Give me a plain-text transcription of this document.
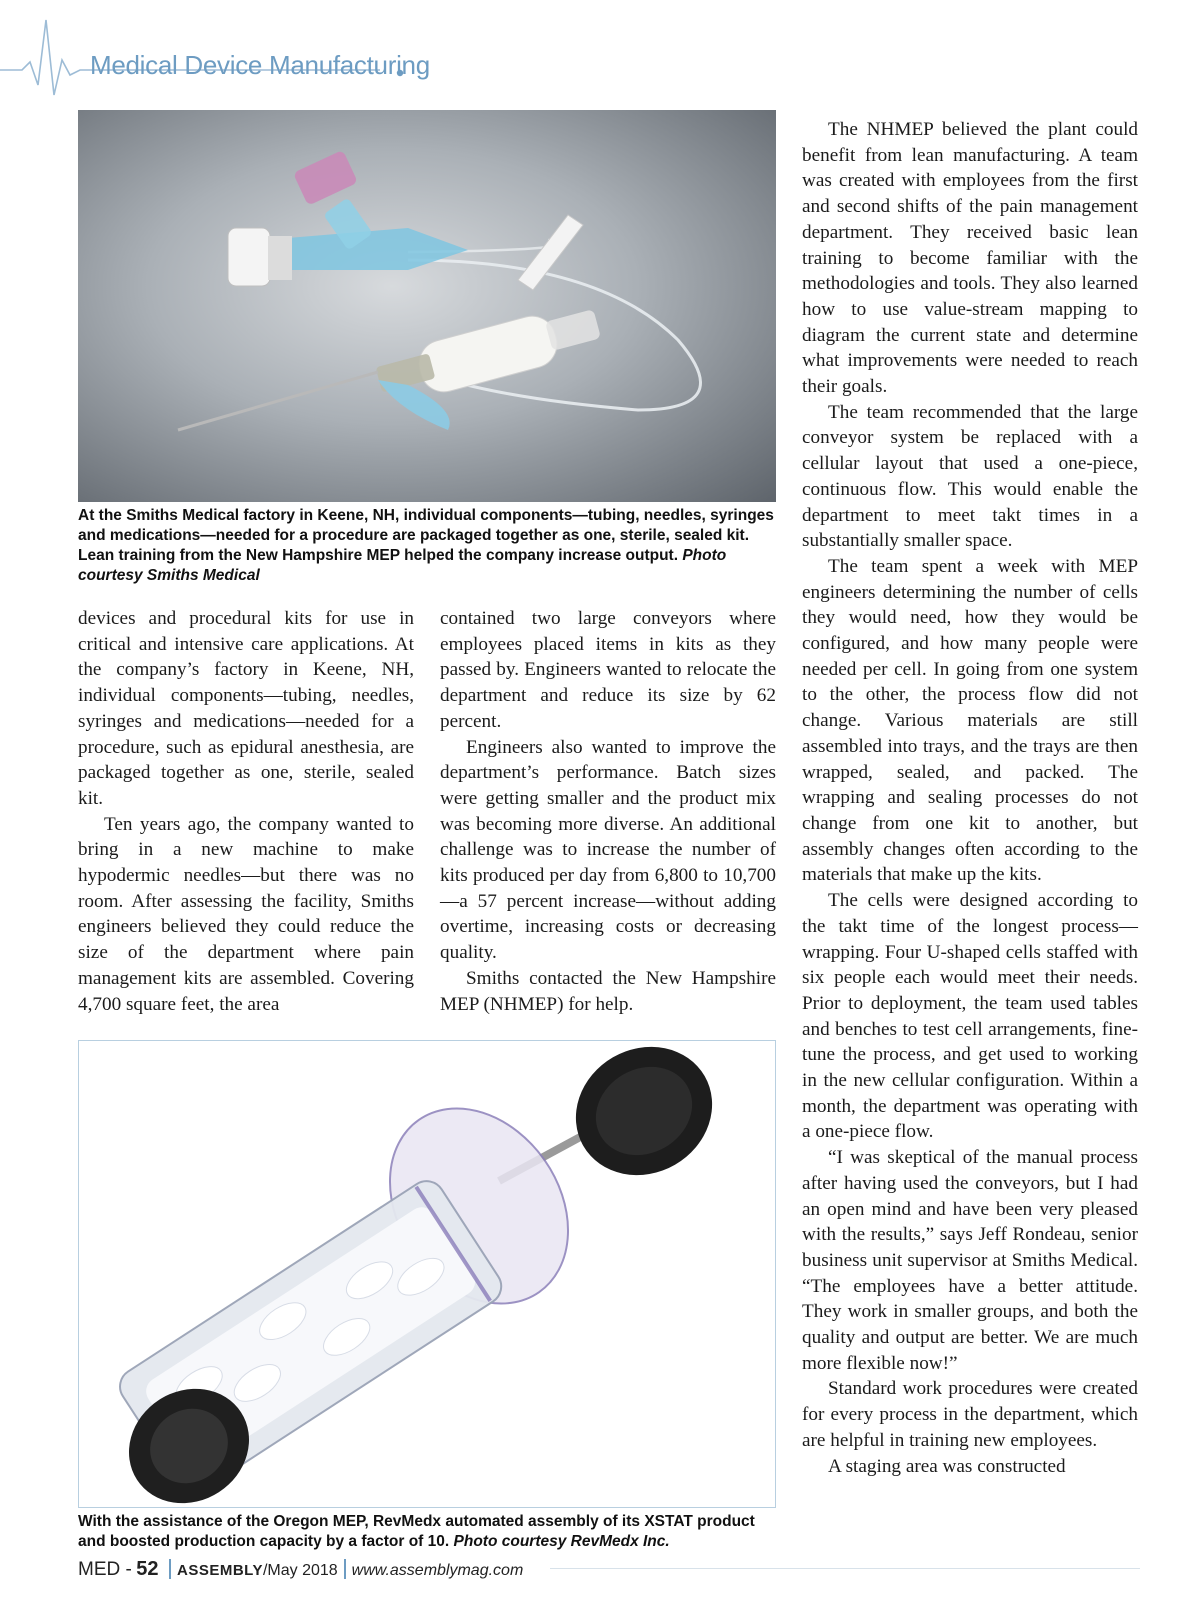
Medical Device Manufacturing
At the Smiths Medical factory in Keene, NH, individual components—tubing, needles, syringes and medications—needed for a procedure are packaged together as one, sterile, sealed kit. Lean training from the New Hampshire MEP helped the company increase output. Photo courtesy Smiths Medical

devices and procedural kits for use in critical and intensive care applications. At the company’s factory in Keene, NH, individual components—tubing, needles, syringes and medications—needed for a procedure, such as epidural anesthesia, are packaged together as one, sterile, sealed kit.

Ten years ago, the company wanted to bring in a new machine to make hypodermic needles—but there was no room. After assessing the facility, Smiths engineers believed they could reduce the size of the department where pain management kits are assembled. Covering 4,700 square feet, the area

contained two large conveyors where employees placed items in kits as they passed by. Engineers wanted to relocate the department and reduce its size by 62 percent.

Engineers also wanted to improve the department’s performance. Batch sizes were getting smaller and the product mix was becoming more diverse. An additional challenge was to increase the number of kits produced per day from 6,800 to 10,700—a 57 percent increase—without adding overtime, increasing costs or decreasing quality.

Smiths contacted the New Hampshire MEP (NHMEP) for help.

The NHMEP believed the plant could benefit from lean manufacturing. A team was created with employees from the first and second shifts of the pain management department. They received basic lean training to become familiar with the methodologies and tools. They also learned how to use value-stream mapping to diagram the current state and determine what improvements were needed to reach their goals.

The team recommended that the large conveyor system be replaced with a cellular layout that used a one-piece, continuous flow. This would enable the department to meet takt times in a substantially smaller space.

The team spent a week with MEP engineers determining the number of cells they would need, how they would be configured, and how many people were needed per cell. In going from one system to the other, the process flow did not change. Various materials are still assembled into trays, and the trays are then wrapped, sealed, and packed. The wrapping and sealing processes do not change from one kit to another, but assembly changes often according to the materials that make up the kits.

The cells were designed according to the takt time of the longest process—wrapping. Four U-shaped cells staffed with six people each would meet their needs. Prior to deployment, the team used tables and benches to test cell arrangements, fine-tune the process, and get used to working in the new cellular configuration. Within a month, the department was operating with a one-piece flow.

“I was skeptical of the manual process after having used the conveyors, but I had an open mind and have been very pleased with the results,” says Jeff Rondeau, senior business unit supervisor at Smiths Medical. “The employees have a better attitude. They work in smaller groups, and both the quality and output are better. We are much more flexible now!”

Standard work procedures were created for every process in the department, which are helpful in training new employees.

A staging area was constructed

With the assistance of the Oregon MEP, RevMedx automated assembly of its XSTAT product and boosted production capacity by a factor of 10. Photo courtesy RevMedx Inc.
MED - 52 ASSEMBLY/May 2018 www.assemblymag.com
